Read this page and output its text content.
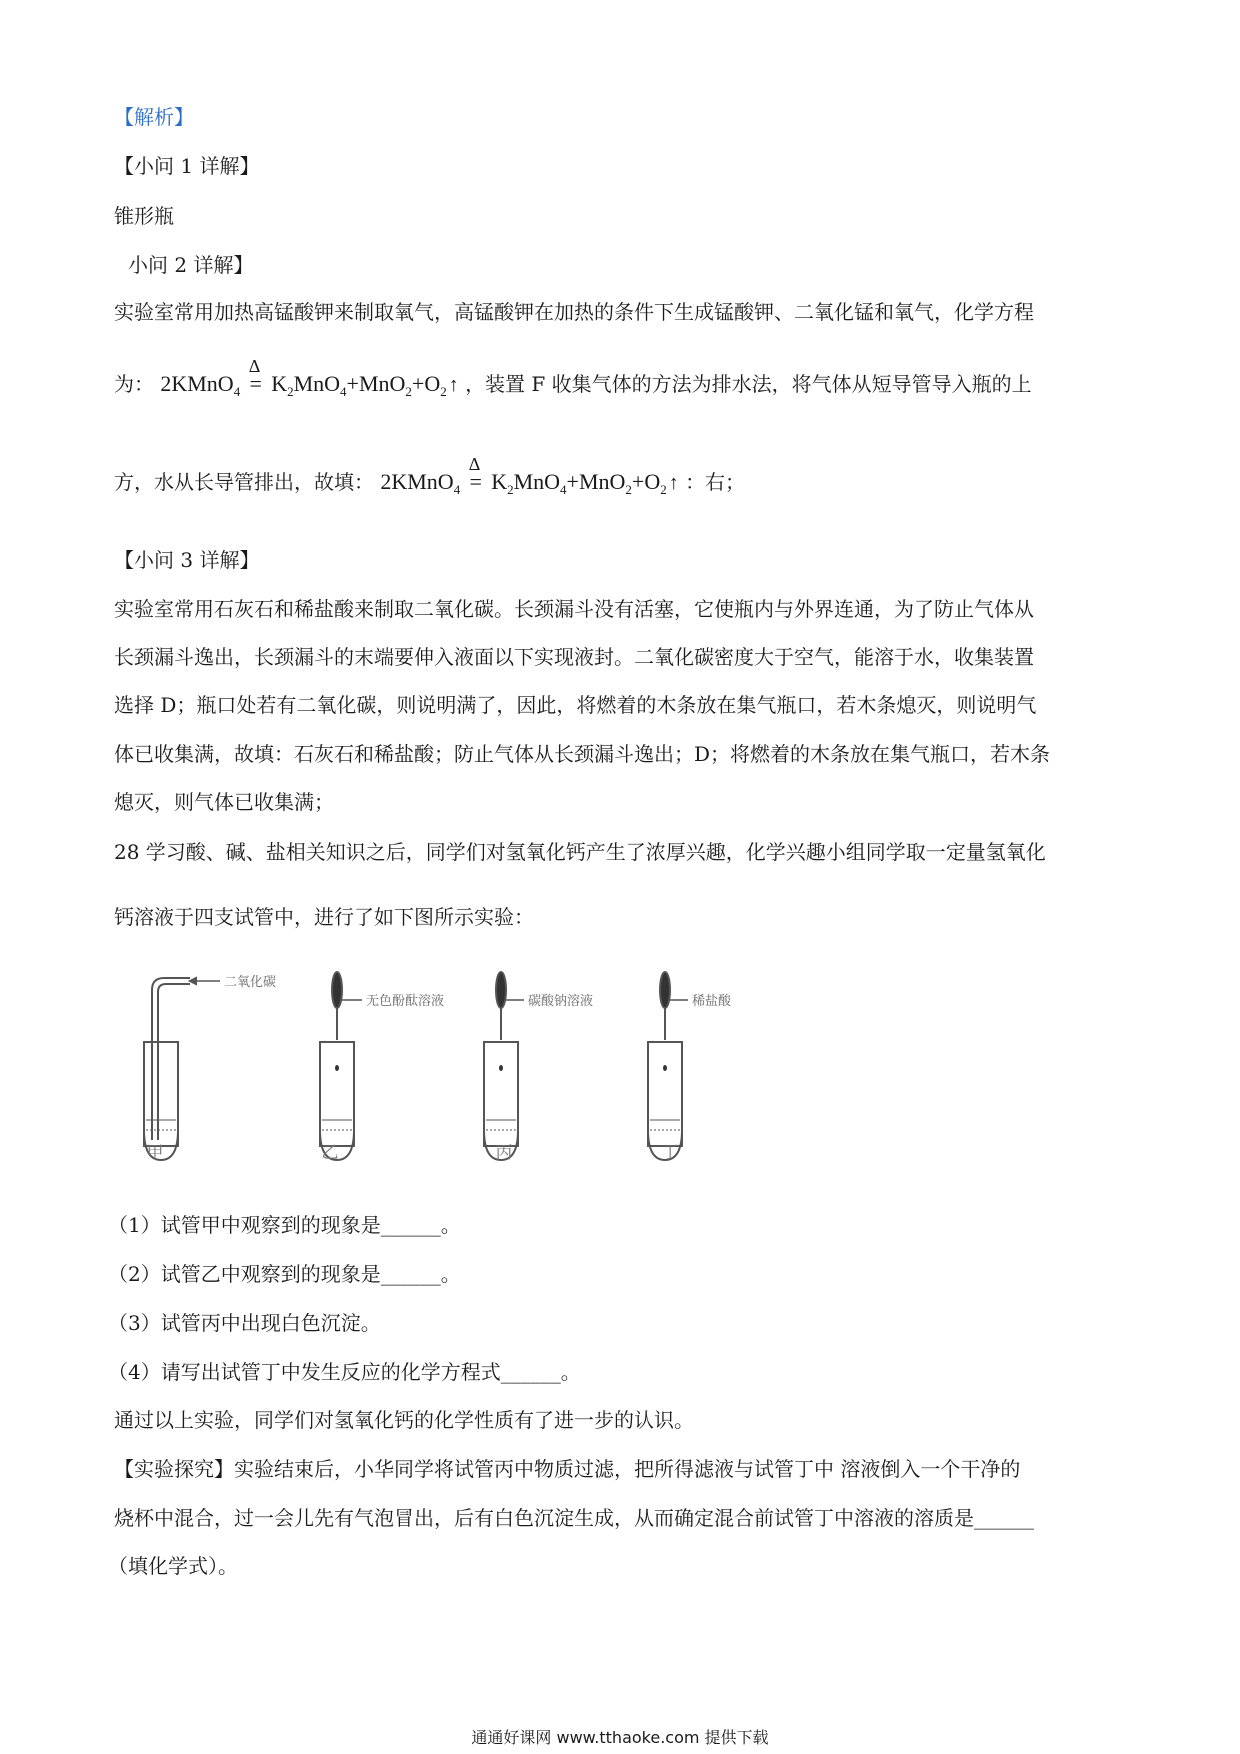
【解析】
【小问 1 详解】
锥形瓶
小问 2 详解】
实验室常用加热高锰酸钾来制取氧气，高锰酸钾在加热的条件下生成锰酸钾、二氧化锰和氧气，化学方程
为： 2KMnO$_4$
Δ
= $K_2MnO_4+MnO_2+O_2$ ↑ ，装置 F 收集气体的方法为排水法，将气体从短导管导入瓶的上
方，水从长导管排出，故填： 2KMnO$_4$
Δ
= $K_2MnO_4+MnO_2+O_2$ ↑ ：右；
【小问 3 详解】
实验室常用石灰石和稀盐酸来制取二氧化碳。长颈漏斗没有活塞，它使瓶内与外界连通，为了防止气体从
长颈漏斗逸出，长颈漏斗的末端要伸入液面以下实现液封。二氧化碳密度大于空气，能溶于水，收集装置
选择 D；瓶口处若有二氧化碳，则说明满了，因此，将燃着的木条放在集气瓶口，若木条熄灭，则说明气
体已收集满，故填：石灰石和稀盐酸；防止气体从长颈漏斗逸出；D；将燃着的木条放在集气瓶口，若木条
熄灭，则气体已收集满；
28 学习酸、碱、盐相关知识之后，同学们对氢氧化钙产生了浓厚兴趣，化学兴趣小组同学取一定量氢氧化
钙溶液于四支试管中，进行了如下图所示实验：
二氧化碳
无色酚酞溶液	碳酸钠溶液	稀盐酸
甲	乙	丙	丁
（1）试管甲中观察到的现象是______。
（2）试管乙中观察到的现象是______。
（3）试管丙中出现白色沉淀。
（4）请写出试管丁中发生反应的化学方程式______。
通过以上实验，同学们对氢氧化钙的化学性质有了进一步的认识。
【实验探究】实验结束后，小华同学将试管丙中物质过滤，把所得滤液与试管丁中 溶液倒入一个干净的
烧杯中混合，过一会儿先有气泡冒出，后有白色沉淀生成，从而确定混合前试管丁中溶液的溶质是______
（填化学式）。
通通好课网 www.tthaoke.com 提供下载
